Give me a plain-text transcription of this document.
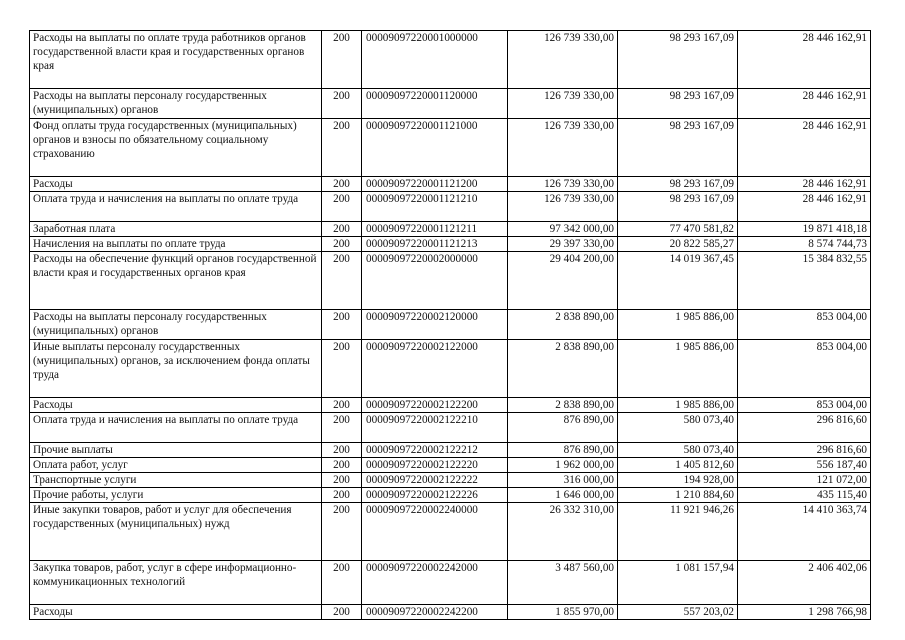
Расходы на выплаты по оплате труда работников органов государственной власти края и государственных органов края	200	00009097220001000000	126 739 330,00	98 293 167,09	28 446 162,91
Расходы на выплаты персоналу государственных (муниципальных) органов	200	00009097220001120000	126 739 330,00	98 293 167,09	28 446 162,91
Фонд оплаты труда государственных (муниципальных) органов и взносы по обязательному социальному страхованию	200	00009097220001121000	126 739 330,00	98 293 167,09	28 446 162,91
Расходы	200	00009097220001121200	126 739 330,00	98 293 167,09	28 446 162,91
Оплата труда и начисления на выплаты по оплате труда	200	00009097220001121210	126 739 330,00	98 293 167,09	28 446 162,91
Заработная плата	200	00009097220001121211	97 342 000,00	77 470 581,82	19 871 418,18
Начисления на выплаты по оплате труда	200	00009097220001121213	29 397 330,00	20 822 585,27	8 574 744,73
Расходы на обеспечение функций органов государственной власти края и государственных органов края	200	00009097220002000000	29 404 200,00	14 019 367,45	15 384 832,55
Расходы на выплаты персоналу государственных (муниципальных) органов	200	00009097220002120000	2 838 890,00	1 985 886,00	853 004,00
Иные выплаты персоналу государственных (муниципальных) органов, за исключением фонда оплаты труда	200	00009097220002122000	2 838 890,00	1 985 886,00	853 004,00
Расходы	200	00009097220002122200	2 838 890,00	1 985 886,00	853 004,00
Оплата труда и начисления на выплаты по оплате труда	200	00009097220002122210	876 890,00	580 073,40	296 816,60
Прочие выплаты	200	00009097220002122212	876 890,00	580 073,40	296 816,60
Оплата работ, услуг	200	00009097220002122220	1 962 000,00	1 405 812,60	556 187,40
Транспортные услуги	200	00009097220002122222	316 000,00	194 928,00	121 072,00
Прочие работы, услуги	200	00009097220002122226	1 646 000,00	1 210 884,60	435 115,40
Иные закупки товаров, работ и услуг для обеспечения государственных (муниципальных) нужд	200	00009097220002240000	26 332 310,00	11 921 946,26	14 410 363,74
Закупка товаров, работ, услуг в сфере информационно-коммуникационных технологий	200	00009097220002242000	3 487 560,00	1 081 157,94	2 406 402,06
Расходы	200	00009097220002242200	1 855 970,00	557 203,02	1 298 766,98
